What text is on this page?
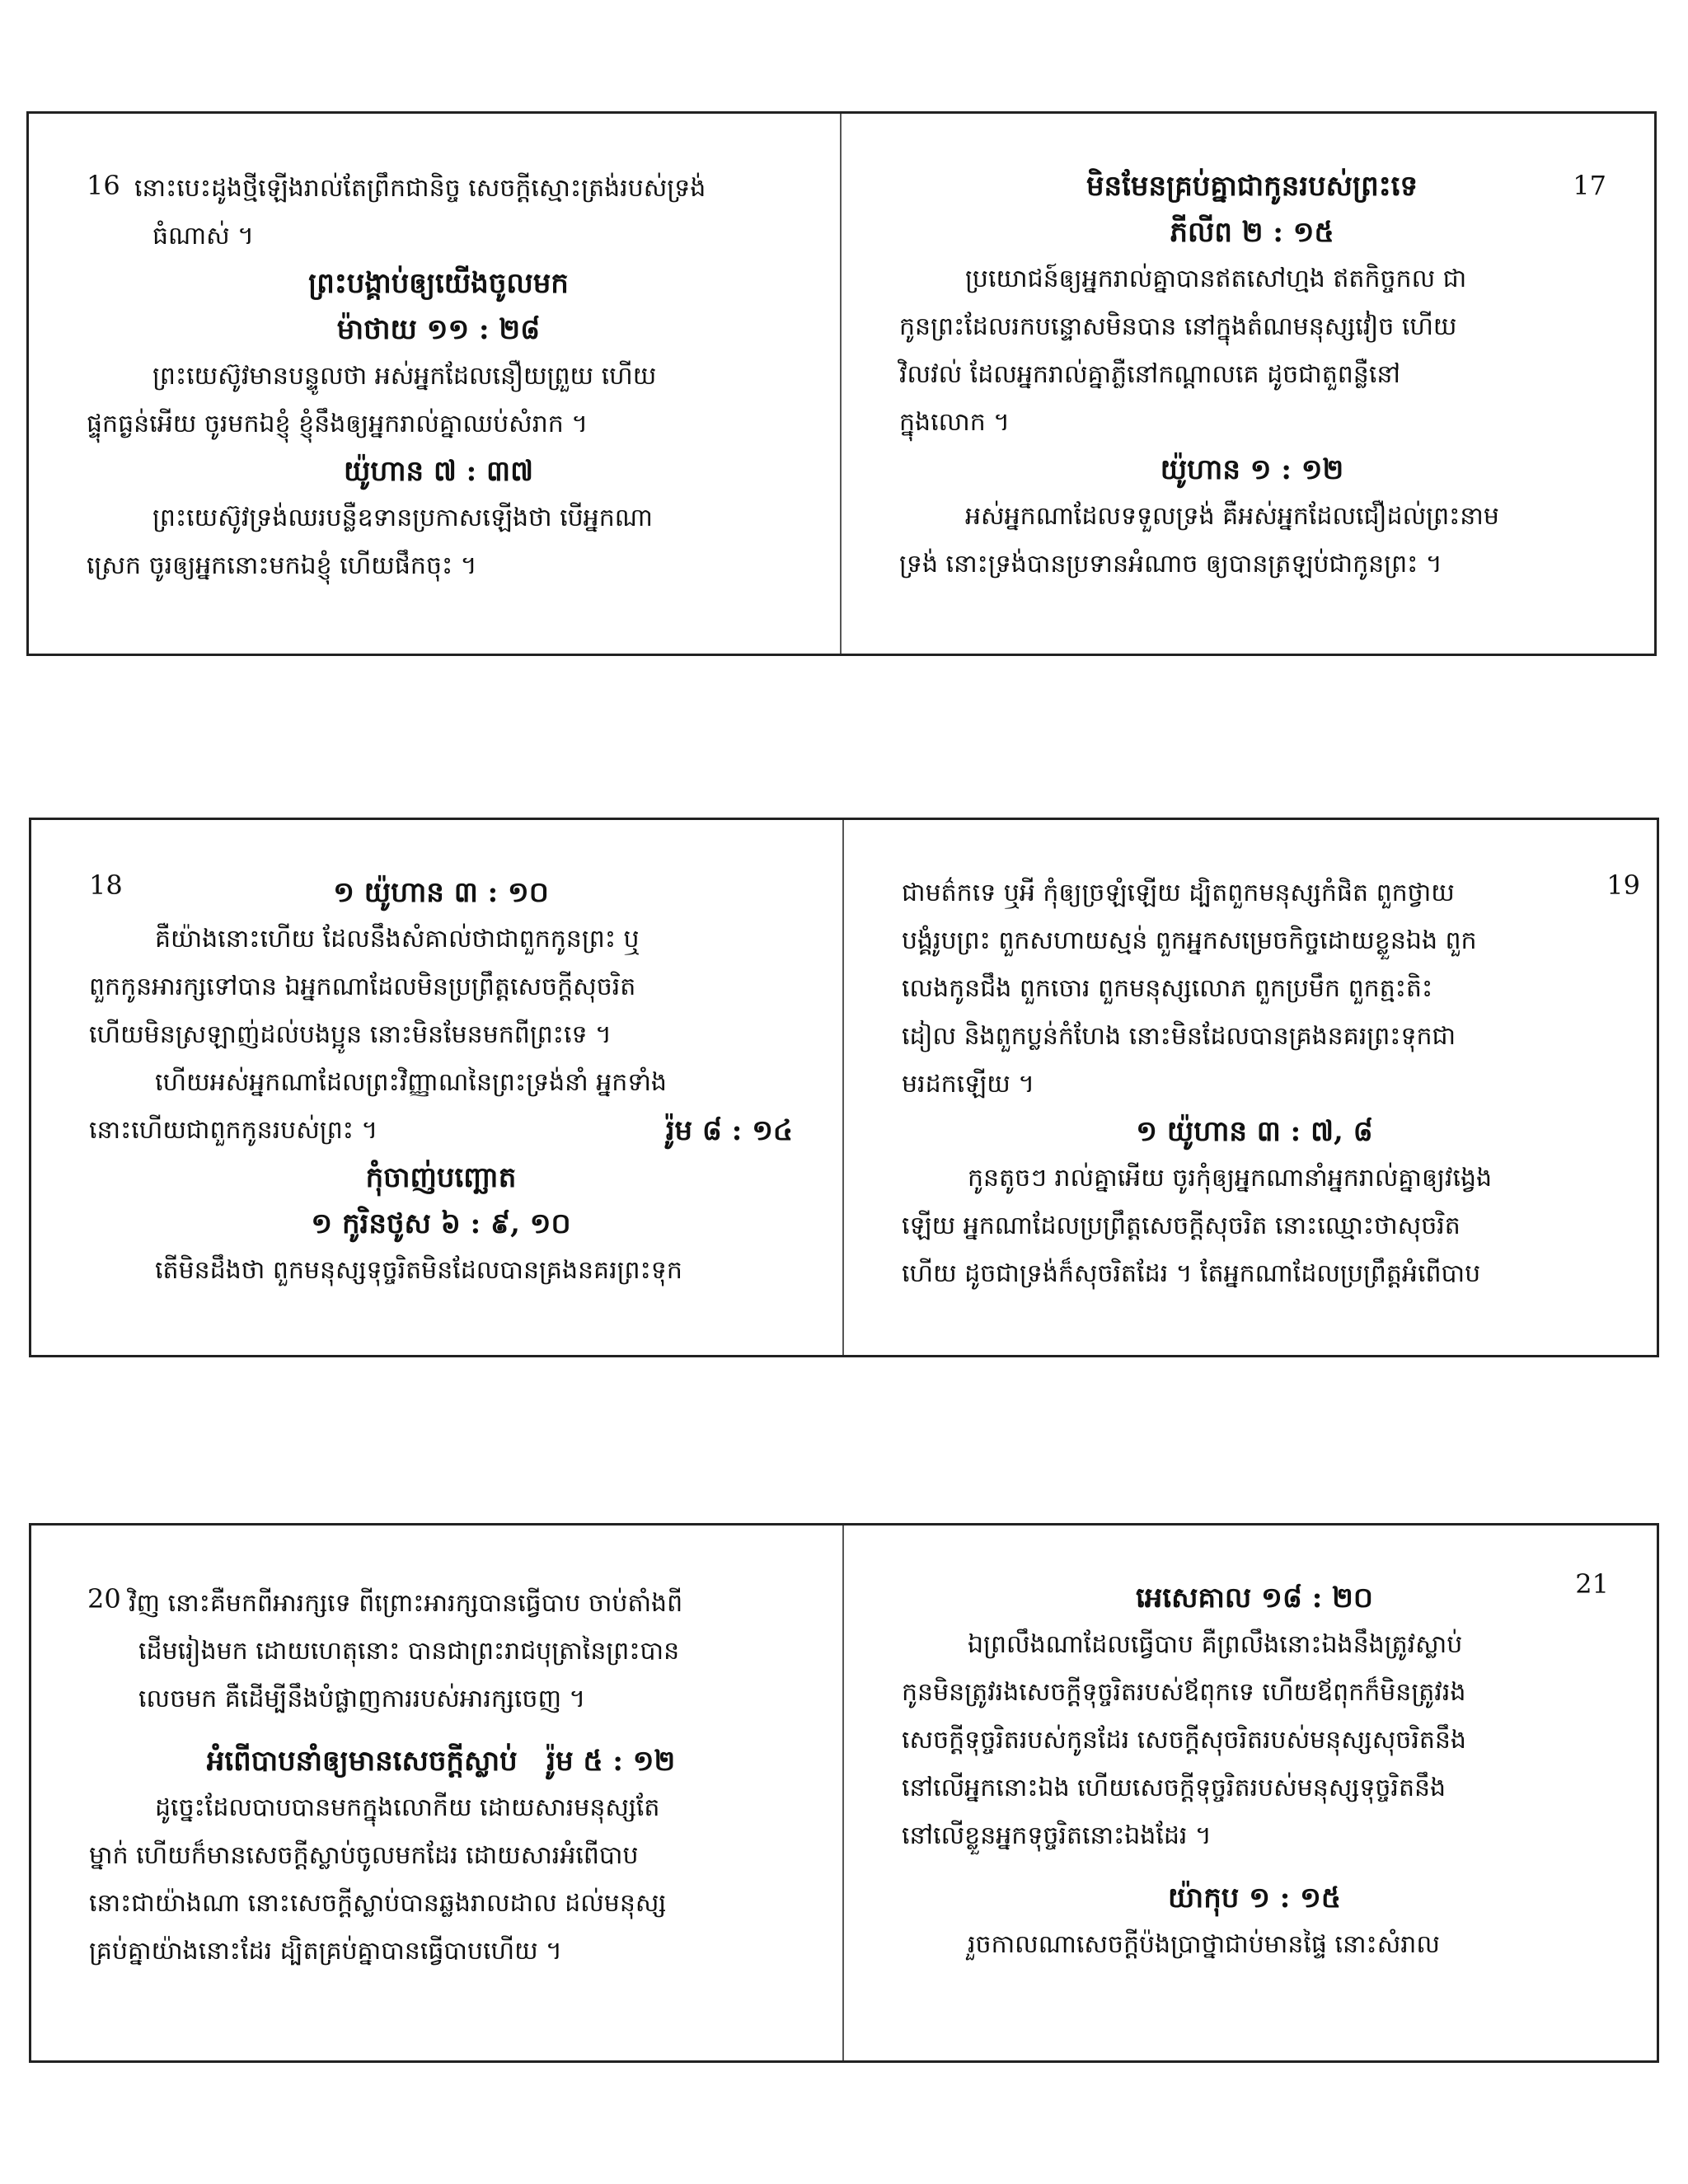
16 នោះបេះដូងថ្មីឡើងរាល់តែព្រឹកជានិច្ច សេចក្ដីស្មោះត្រង់របស់ទ្រង់

ធំណាស់ ។

ព្រះបង្គាប់ឲ្យយើងចូលមក

ម៉ាថាយ ១១ : ២៨

ព្រះយេស៊ូវមានបន្ទូលថា អស់អ្នកដែលនឿយព្រួយ ហើយ

ផ្ទុកធ្ងន់អើយ ចូរមកឯខ្ញុំ ខ្ញុំនឹងឲ្យអ្នករាល់គ្នាឈប់សំរាក ។

យ៉ូហាន ៧ : ៣៧

ព្រះយេស៊ូវទ្រង់ឈរបន្លឺឧទានប្រកាសឡើងថា បើអ្នកណា

ស្រេក ចូរឲ្យអ្នកនោះមកឯខ្ញុំ ហើយផឹកចុះ ។

17

មិនមែនគ្រប់គ្នាជាកូនរបស់ព្រះទេ

ភីលីព ២ : ១៥

ប្រយោជន៍ឲ្យអ្នករាល់គ្នាបានឥតសៅហ្មង ឥតកិច្ចកល ជា

កូនព្រះដែលរកបន្ទោសមិនបាន នៅក្នុងតំណមនុស្សវៀច ហើយ

វិលវល់ ដែលអ្នករាល់គ្នាភ្លឺនៅកណ្ដាលគេ ដូចជាតួពន្លឺនៅ

ក្នុងលោក ។

យ៉ូហាន ១ : ១២

អស់អ្នកណាដែលទទួលទ្រង់ គឺអស់អ្នកដែលជឿដល់ព្រះនាម

ទ្រង់ នោះទ្រង់បានប្រទានអំណាច ឲ្យបានត្រឡប់ជាកូនព្រះ ។

18	១ យ៉ូហាន ៣ : ១០

គឺយ៉ាងនោះហើយ ដែលនឹងសំគាល់ថាជាពួកកូនព្រះ ឬ

ពួកកូនអារក្សទៅបាន ឯអ្នកណាដែលមិនប្រព្រឹត្តសេចក្ដីសុចរិត

ហើយមិនស្រឡាញ់ដល់បងប្អូន នោះមិនមែនមកពីព្រះទេ ។

ហើយអស់អ្នកណាដែលព្រះវិញ្ញាណនៃព្រះទ្រង់នាំ អ្នកទាំង

នោះហើយជាពួកកូនរបស់ព្រះ ។	រ៉ូម ៨ : ១៤

កុំចាញ់បញ្ឆោត

១ កូរិនថូស ៦ : ៩, ១០

តើមិនដឹងថា ពួកមនុស្សទុច្ចរិតមិនដែលបានគ្រងនគរព្រះទុក

19

ជាមត៌កទេ ឬអី កុំឲ្យច្រឡំឡើយ ដ្បិតពួកមនុស្សកំផិត ពួកថ្វាយ

បង្គំរូបព្រះ ពួកសហាយស្មន់ ពួកអ្នកសម្រេចកិច្ចដោយខ្លួនឯង ពួក

លេងកូនជឹង ពួកចោរ ពួកមនុស្សលោភ ពួកប្រមឹក ពួកត្មះតិះ

ដៀល និងពួកប្លន់កំហែង នោះមិនដែលបានគ្រងនគរព្រះទុកជា

មរដកឡើយ ។

១ យ៉ូហាន ៣ : ៧, ៨

កូនតូចៗ រាល់គ្នាអើយ ចូរកុំឲ្យអ្នកណានាំអ្នករាល់គ្នាឲ្យវង្វេង

ឡើយ អ្នកណាដែលប្រព្រឹត្តសេចក្ដីសុចរិត នោះឈ្មោះថាសុចរិត

ហើយ ដូចជាទ្រង់ក៏សុចរិតដែរ ។ តែអ្នកណាដែលប្រព្រឹត្តអំពើបាប

20 វិញ នោះគឺមកពីអារក្សទេ ពីព្រោះអារក្សបានធ្វើបាប ចាប់តាំងពី

ដើមរៀងមក ដោយហេតុនោះ បានជាព្រះរាជបុត្រានៃព្រះបាន

លេចមក គឺដើម្បីនឹងបំផ្លាញការរបស់អារក្សចេញ ។

អំពើបាបនាំឲ្យមានសេចក្ដីស្លាប់ រ៉ូម ៥ : ១២

ដូច្នេះដែលបាបបានមកក្នុងលោកីយ ដោយសារមនុស្សតែ

ម្នាក់ ហើយក៏មានសេចក្ដីស្លាប់ចូលមកដែរ ដោយសារអំពើបាប

នោះជាយ៉ាងណា នោះសេចក្ដីស្លាប់បានឆ្លងរាលដាល ដល់មនុស្ស

គ្រប់គ្នាយ៉ាងនោះដែរ ដ្បិតគ្រប់គ្នាបានធ្វើបាបហើយ ។

21

អេសេគាល ១៨ : ២០

ឯព្រលឹងណាដែលធ្វើបាប គឺព្រលឹងនោះឯងនឹងត្រូវស្លាប់

កូនមិនត្រូវរងសេចក្ដីទុច្ចរិតរបស់ឪពុកទេ ហើយឪពុកក៏មិនត្រូវរង

សេចក្ដីទុច្ចរិតរបស់កូនដែរ សេចក្ដីសុចរិតរបស់មនុស្សសុចរិតនឹង

នៅលើអ្នកនោះឯង ហើយសេចក្ដីទុច្ចរិតរបស់មនុស្សទុច្ចរិតនឹង

នៅលើខ្លួនអ្នកទុច្ចរិតនោះឯងដែរ ។

យ៉ាកុប ១ : ១៥

រួចកាលណាសេចក្ដីប៉ងប្រាថ្នាជាប់មានផ្ទៃ នោះសំរាល
